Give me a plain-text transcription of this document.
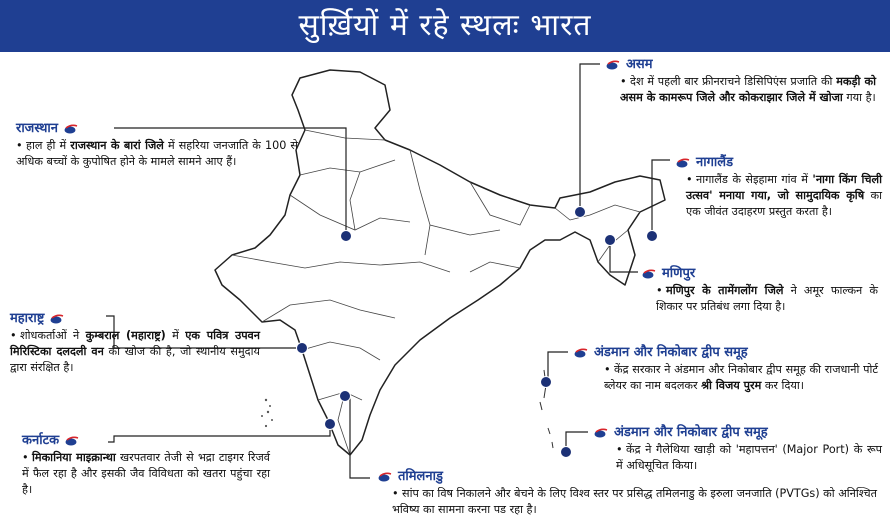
सुर्ख़ियों में रहे स्थलः भारत
राजस्थान
• हाल ही में राजस्थान के बारां जिले में सहरिया जनजाति के 100 से अधिक बच्चों के कुपोषित होने के मामले सामने आए हैं।
महाराष्ट्र
• शोधकर्ताओं ने कुम्बराल (महाराष्ट्र) में एक पवित्र उपवन मिरिस्टिका दलदली वन की खोज की है, जो स्थानीय समुदाय द्वारा संरक्षित है।
कर्नाटक
• मिकानिया माइक्रान्था खरपतवार तेजी से भद्रा टाइगर रिजर्व में फैल रहा है और इसकी जैव विविधता को खतरा पहुंचा रहा है।
तमिलनाडु
• सांप का विष निकालने और बेचने के लिए विश्व स्तर पर प्रसिद्ध तमिलनाडु के इरुला जनजाति (PVTGs) को अनिश्चित भविष्य का सामना करना पड रहा है।
असम
• देश में पहली बार फ्रीनराचने डिसिपिएंस प्रजाति की मकड़ी को असम के कामरूप जिले और कोकराझार जिले में खोजा गया है।
नागालैंड
• नागालैंड के सेइहामा गांव में 'नागा किंग चिली उत्सव' मनाया गया, जो सामुदायिक कृषि का एक जीवंत उदाहरण प्रस्तुत करता है।
मणिपुर
• मणिपुर के तामेंगलोंग जिले ने अमूर फाल्कन के शिकार पर प्रतिबंध लगा दिया है।
अंडमान और निकोबार द्वीप समूह
• केंद्र सरकार ने अंडमान और निकोबार द्वीप समूह की राजधानी पोर्ट ब्लेयर का नाम बदलकर श्री विजय पुरम कर दिया।
अंडमान और निकोबार द्वीप समूह
• केंद्र ने गैलेथिया खाड़ी को 'महापत्तन' (Major Port) के रूप में अधिसूचित किया।
